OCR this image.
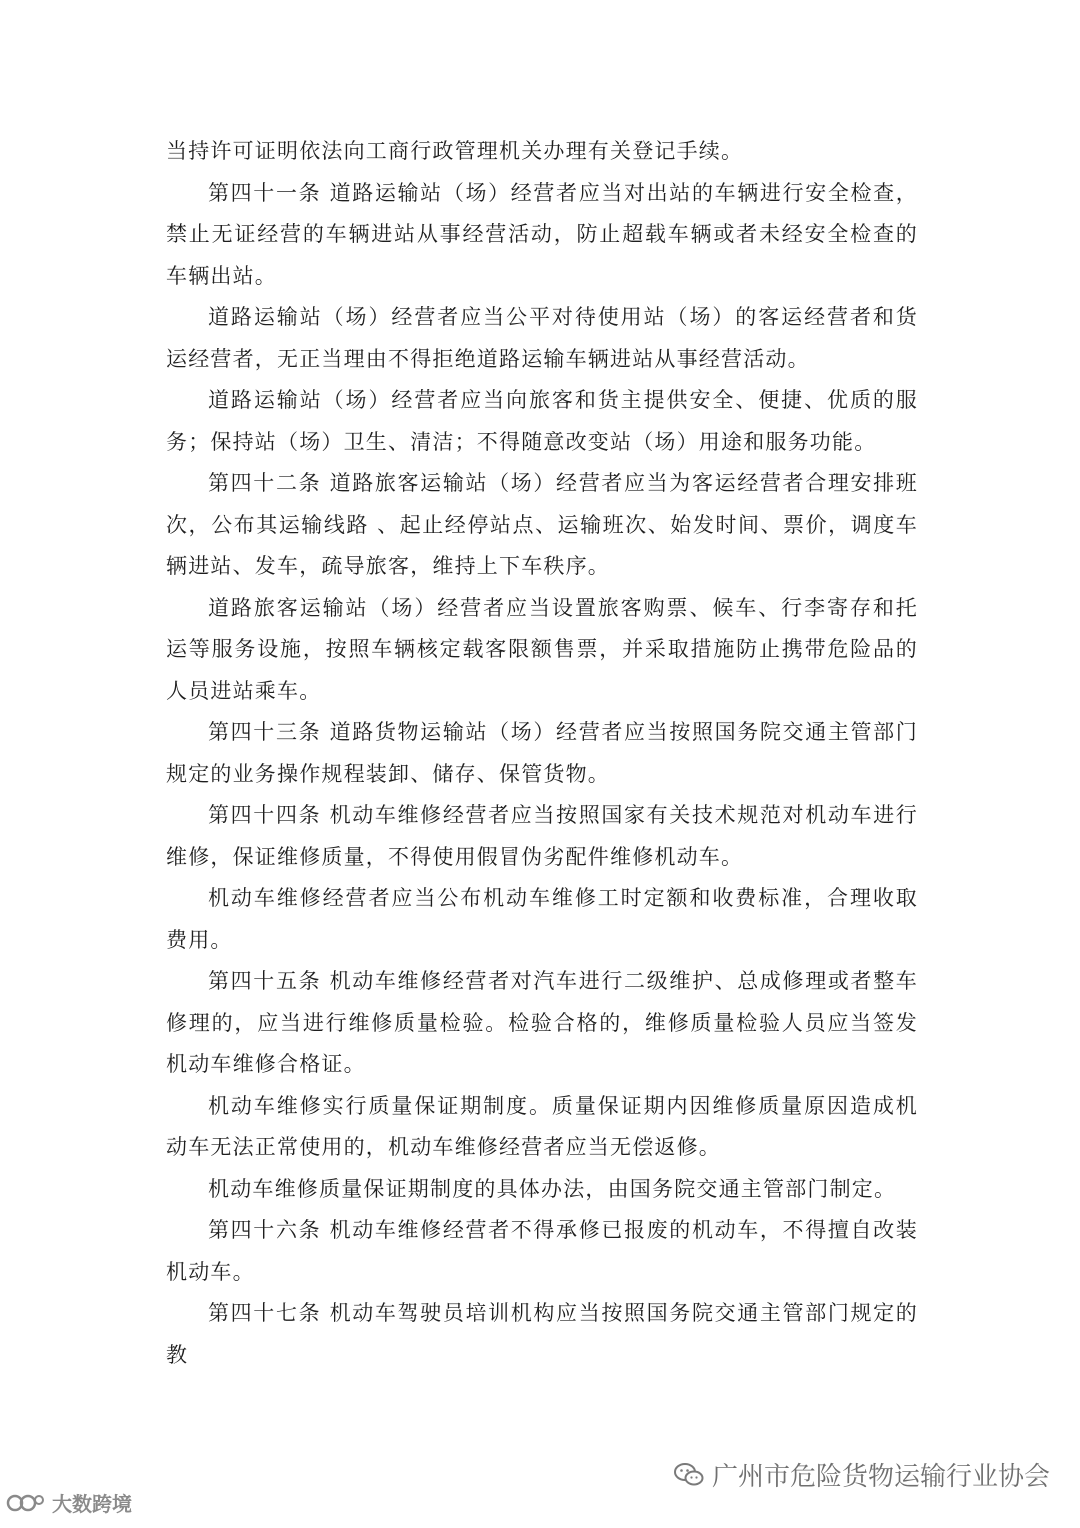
当持许可证明依法向工商行政管理机关办理有关登记手续。

第四十一条 道路运输站（场）经营者应当对出站的车辆进行安全检查，禁止无证经营的车辆进站从事经营活动，防止超载车辆或者未经安全检查的车辆出站。

道路运输站（场）经营者应当公平对待使用站（场）的客运经营者和货运经营者，无正当理由不得拒绝道路运输车辆进站从事经营活动。

道路运输站（场）经营者应当向旅客和货主提供安全、便捷、优质的服务；保持站（场）卫生、清洁；不得随意改变站（场）用途和服务功能。

第四十二条 道路旅客运输站（场）经营者应当为客运经营者合理安排班次，公布其运输线路 、起止经停站点、运输班次、始发时间、票价，调度车辆进站、发车，疏导旅客，维持上下车秩序。

道路旅客运输站（场）经营者应当设置旅客购票、候车、行李寄存和托运等服务设施，按照车辆核定载客限额售票，并采取措施防止携带危险品的人员进站乘车。

第四十三条 道路货物运输站（场）经营者应当按照国务院交通主管部门规定的业务操作规程装卸、储存、保管货物。

第四十四条 机动车维修经营者应当按照国家有关技术规范对机动车进行维修，保证维修质量，不得使用假冒伪劣配件维修机动车。

机动车维修经营者应当公布机动车维修工时定额和收费标准，合理收取费用。

第四十五条 机动车维修经营者对汽车进行二级维护、总成修理或者整车修理的，应当进行维修质量检验。检验合格的，维修质量检验人员应当签发机动车维修合格证。

机动车维修实行质量保证期制度。质量保证期内因维修质量原因造成机动车无法正常使用的，机动车维修经营者应当无偿返修。

机动车维修质量保证期制度的具体办法，由国务院交通主管部门制定。

第四十六条 机动车维修经营者不得承修已报废的机动车，不得擅自改装机动车。

第四十七条 机动车驾驶员培训机构应当按照国务院交通主管部门规定的教

广州市危险货物运输行业协会
大数跨境
